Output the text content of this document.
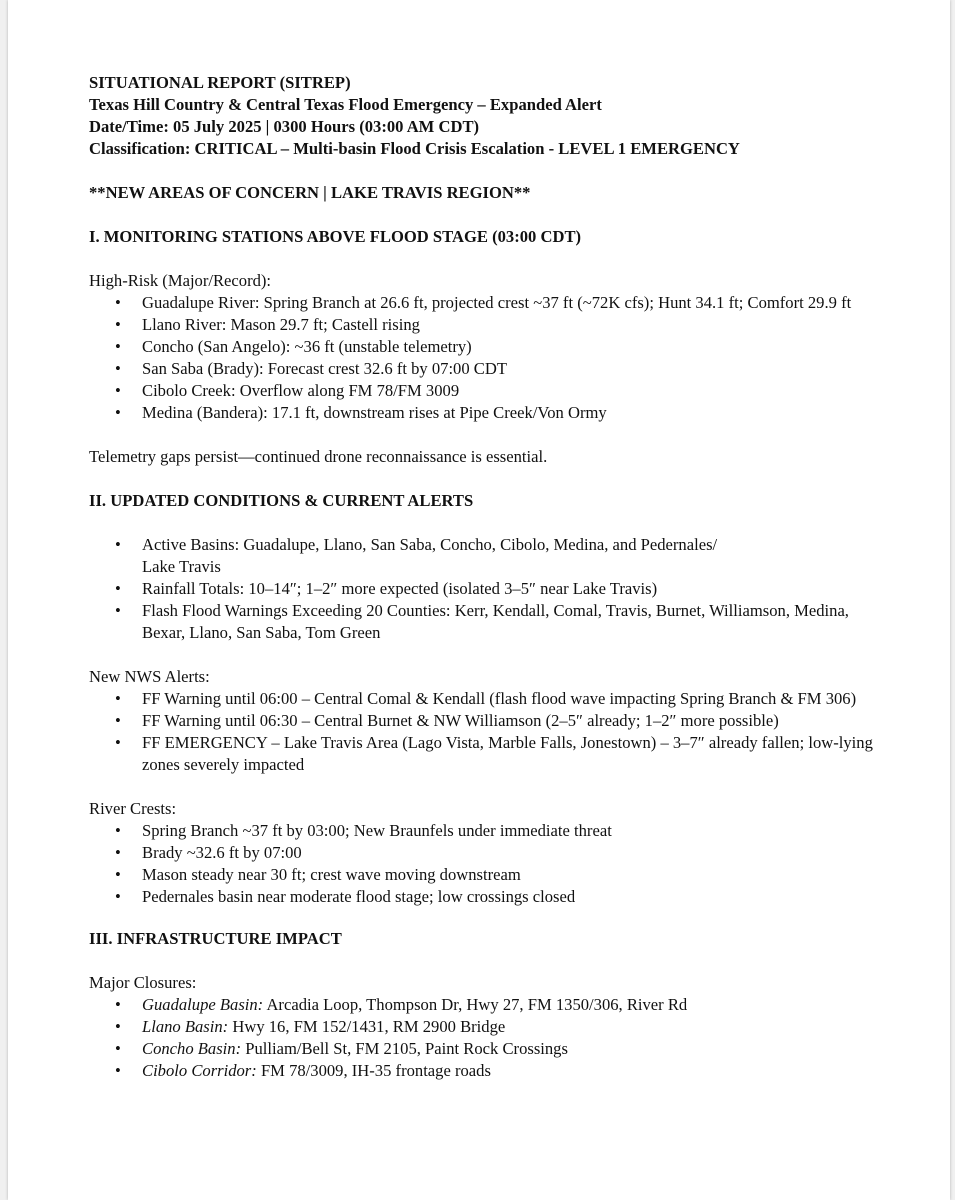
SITUATIONAL REPORT (SITREP)

Texas Hill Country & Central Texas Flood Emergency – Expanded Alert

Date/Time: 05 July 2025 | 0300 Hours (03:00 AM CDT)

Classification: CRITICAL – Multi-basin Flood Crisis Escalation - LEVEL 1 EMERGENCY

**NEW AREAS OF CONCERN | LAKE TRAVIS REGION**

I. MONITORING STATIONS ABOVE FLOOD STAGE (03:00 CDT)

High-Risk (Major/Record):

• Guadalupe River: Spring Branch at 26.6 ft, projected crest ~37 ft (~72K cfs); Hunt 34.1 ft; Comfort 29.9 ft
• Llano River: Mason 29.7 ft; Castell rising
• Concho (San Angelo): ~36 ft (unstable telemetry)
• San Saba (Brady): Forecast crest 32.6 ft by 07:00 CDT
• Cibolo Creek: Overflow along FM 78/FM 3009
• Medina (Bandera): 17.1 ft, downstream rises at Pipe Creek/Von Ormy

Telemetry gaps persist—continued drone reconnaissance is essential.

II. UPDATED CONDITIONS & CURRENT ALERTS

• Active Basins: Guadalupe, Llano, San Saba, Concho, Cibolo, Medina, and Pedernales/
Lake Travis
• Rainfall Totals: 10–14″; 1–2″ more expected (isolated 3–5″ near Lake Travis)
• Flash Flood Warnings Exceeding 20 Counties: Kerr, Kendall, Comal, Travis, Burnet, Williamson, Medina, Bexar, Llano, San Saba, Tom Green

New NWS Alerts:

• FF Warning until 06:00 – Central Comal & Kendall (flash flood wave impacting Spring Branch & FM 306)
• FF Warning until 06:30 – Central Burnet & NW Williamson (2–5″ already; 1–2″ more possible)
• FF EMERGENCY – Lake Travis Area (Lago Vista, Marble Falls, Jonestown) – 3–7″ already fallen; low-lying zones severely impacted

River Crests:

• Spring Branch ~37 ft by 03:00; New Braunfels under immediate threat
• Brady ~32.6 ft by 07:00
• Mason steady near 30 ft; crest wave moving downstream
• Pedernales basin near moderate flood stage; low crossings closed

III. INFRASTRUCTURE IMPACT

Major Closures:

• Guadalupe Basin: Arcadia Loop, Thompson Dr, Hwy 27, FM 1350/306, River Rd
• Llano Basin: Hwy 16, FM 152/1431, RM 2900 Bridge
• Concho Basin: Pulliam/Bell St, FM 2105, Paint Rock Crossings
• Cibolo Corridor: FM 78/3009, IH-35 frontage roads
